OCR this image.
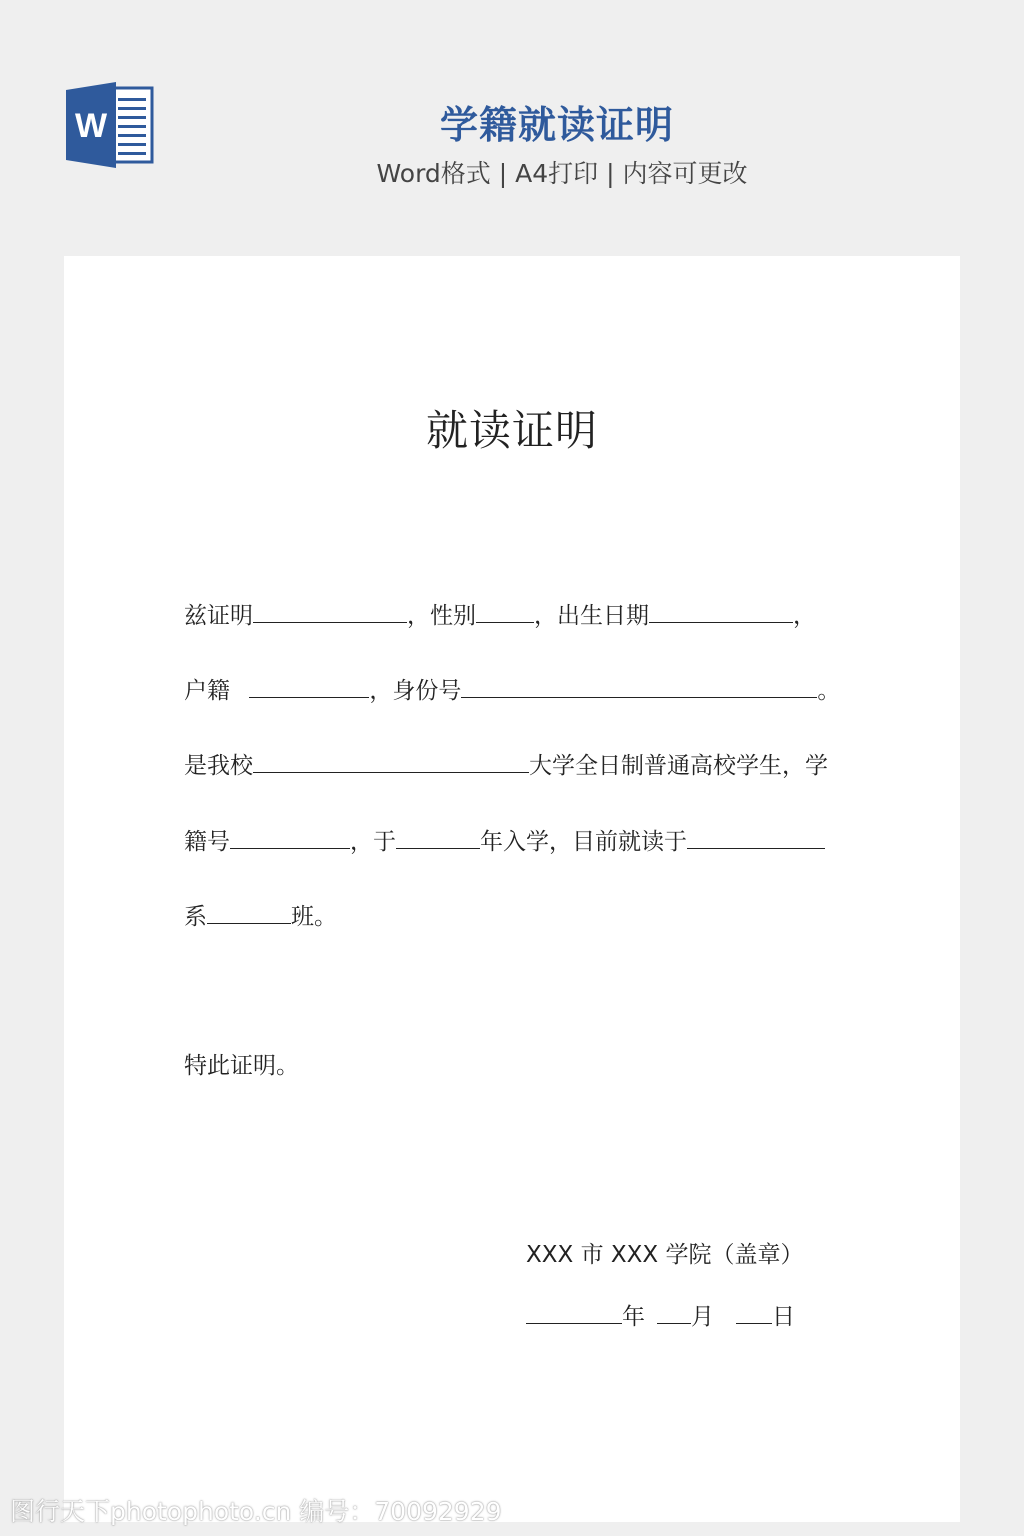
W	学籍就读证明
Word格式 | A4打印 | 内容可更改
就读证明
兹证明	，性别	，出生日期	，
户籍	，身份号	。
是我校	大学全日制普通高校学生，学
籍号	，于	年入学，目前就读于
系	班。
特此证明。
XXX 市 XXX 学院（盖章）
年 月	日
图行天下photophoto.cn 编号：70092929
